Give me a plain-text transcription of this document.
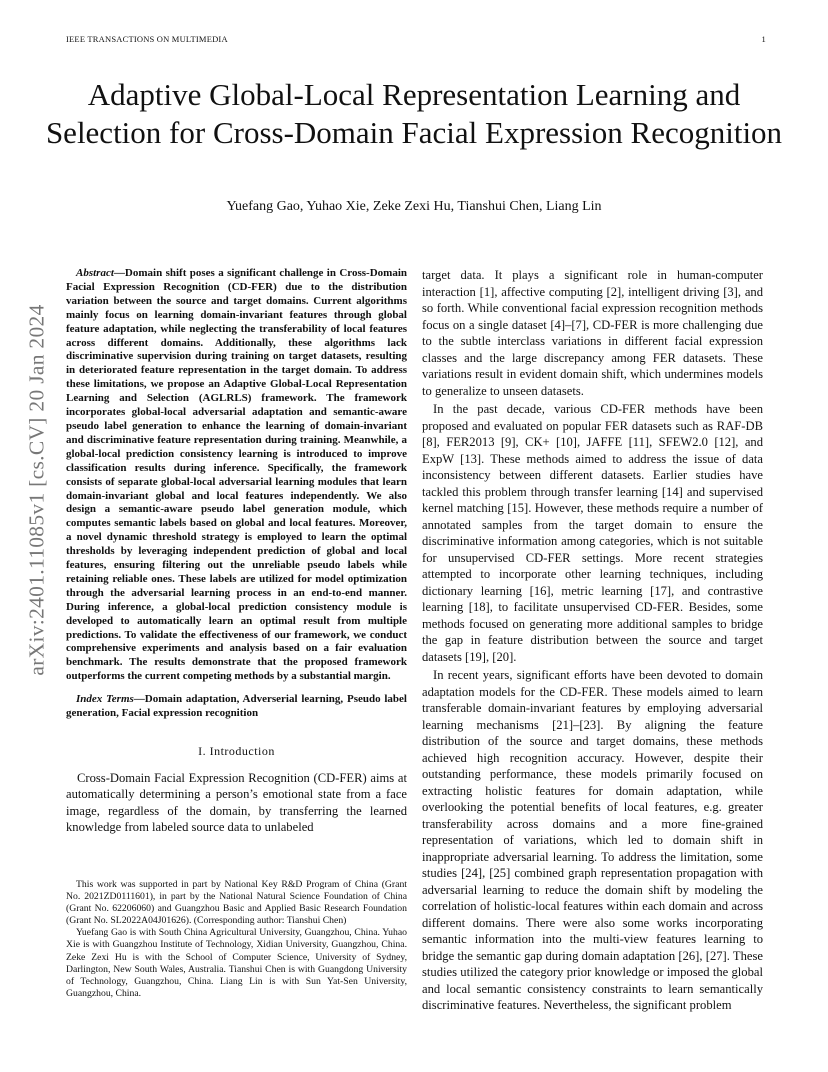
IEEE TRANSACTIONS ON MULTIMEDIA	1
arXiv:2401.11085v1 [cs.CV] 20 Jan 2024
Adaptive Global-Local Representation Learning and Selection for Cross-Domain Facial Expression Recognition
Yuefang Gao, Yuhao Xie, Zeke Zexi Hu, Tianshui Chen, Liang Lin

Abstract—Domain shift poses a significant challenge in Cross-Domain Facial Expression Recognition (CD-FER) due to the distribution variation between the source and target domains. Current algorithms mainly focus on learning domain-invariant features through global feature adaptation, while neglecting the transferability of local features across different domains. Additionally, these algorithms lack discriminative supervision during training on target datasets, resulting in deteriorated feature representation in the target domain. To address these limitations, we propose an Adaptive Global-Local Representation Learning and Selection (AGLRLS) framework. The framework incorporates global-local adversarial adaptation and semantic-aware pseudo label generation to enhance the learning of domain-invariant and discriminative feature representation during training. Meanwhile, a global-local prediction consistency learning is introduced to improve classification results during inference. Specifically, the framework consists of separate global-local adversarial learning modules that learn domain-invariant global and local features independently. We also design a semantic-aware pseudo label generation module, which computes semantic labels based on global and local features. Moreover, a novel dynamic threshold strategy is employed to learn the optimal thresholds by leveraging independent prediction of global and local features, ensuring filtering out the unreliable pseudo labels while retaining reliable ones. These labels are utilized for model optimization through the adversarial learning process in an end-to-end manner. During inference, a global-local prediction consistency module is developed to automatically learn an optimal result from multiple predictions. To validate the effectiveness of our framework, we conduct comprehensive experiments and analysis based on a fair evaluation benchmark. The results demonstrate that the proposed framework outperforms the current competing methods by a substantial margin.

Index Terms—Domain adaptation, Adverserial learning, Pseudo label generation, Facial expression recognition

I. Introduction

Cross-Domain Facial Expression Recognition (CD-FER) aims at automatically determining a person’s emotional state from a face image, regardless of the domain, by transferring the learned knowledge from labeled source data to unlabeled

This work was supported in part by National Key R&D Program of China (Grant No. 2021ZD0111601), in part by the National Natural Science Foundation of China (Grant No. 62206060) and Guangzhou Basic and Applied Basic Research Foundation (Grant No. SL2022A04J01626). (Corresponding author: Tianshui Chen)

Yuefang Gao is with South China Agricultural University, Guangzhou, China. Yuhao Xie is with Guangzhou Institute of Technology, Xidian University, Guangzhou, China. Zeke Zexi Hu is with the School of Computer Science, University of Sydney, Darlington, New South Wales, Australia. Tianshui Chen is with Guangdong University of Technology, Guangzhou, China. Liang Lin is with Sun Yat-Sen University, Guangzhou, China.

target data. It plays a significant role in human-computer interaction [1], affective computing [2], intelligent driving [3], and so forth. While conventional facial expression recognition methods focus on a single dataset [4]–[7], CD-FER is more challenging due to the subtle interclass variations in different facial expression classes and the large discrepancy among FER datasets. These variations result in evident domain shift, which undermines models to generalize to unseen datasets.

In the past decade, various CD-FER methods have been proposed and evaluated on popular FER datasets such as RAF-DB [8], FER2013 [9], CK+ [10], JAFFE [11], SFEW2.0 [12], and ExpW [13]. These methods aimed to address the issue of data inconsistency between different datasets. Earlier studies have tackled this problem through transfer learning [14] and supervised kernel matching [15]. However, these methods require a number of annotated samples from the target domain to ensure the discriminative information among categories, which is not suitable for unsupervised CD-FER settings. More recent strategies attempted to incorporate other learning techniques, including dictionary learning [16], metric learning [17], and contrastive learning [18], to facilitate unsupervised CD-FER. Besides, some methods focused on generating more additional samples to bridge the gap in feature distribution between the source and target datasets [19], [20].

In recent years, significant efforts have been devoted to domain adaptation models for the CD-FER. These models aimed to learn transferable domain-invariant features by employing adversarial learning mechanisms [21]–[23]. By aligning the feature distribution of the source and target domains, these methods achieved high recognition accuracy. However, despite their outstanding performance, these models primarily focused on extracting holistic features for domain adaptation, while overlooking the potential benefits of local features, e.g. greater transferability across domains and a more fine-grained representation of variations, which led to domain shift in inappropriate adversarial learning. To address the limitation, some studies [24], [25] combined graph representation propagation with adversarial learning to reduce the domain shift by modeling the correlation of holistic-local features within each domain and across different domains. There were also some works incorporating semantic information into the multi-view features learning to bridge the semantic gap during domain adaptation [26], [27]. These studies utilized the category prior knowledge or imposed the global and local semantic consistency constraints to learn semantically discriminative features. Nevertheless, the significant problem
